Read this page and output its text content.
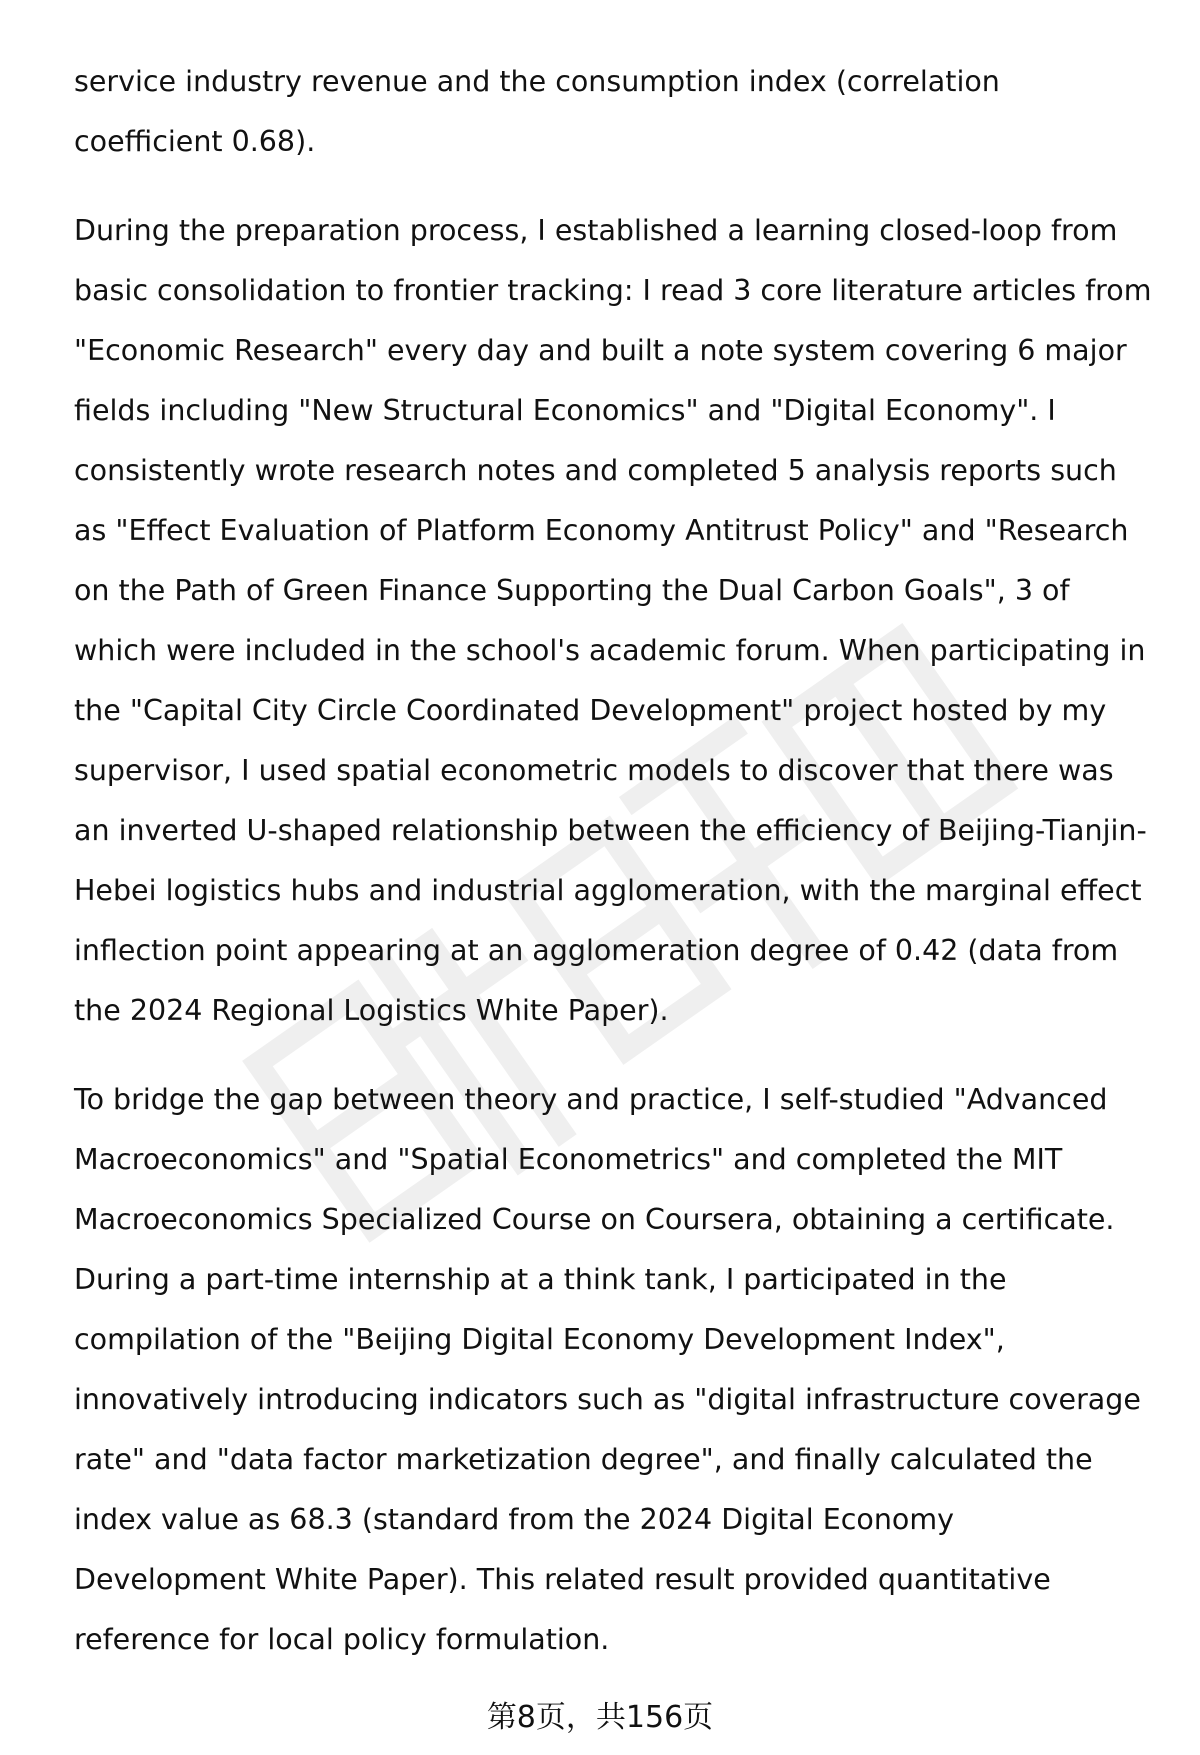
service industry revenue and the consumption index (correlation coefficient 0.68).

During the preparation process, I established a learning closed-loop from basic consolidation to frontier tracking: I read 3 core literature articles from "Economic Research" every day and built a note system covering 6 major fields including "New Structural Economics" and "Digital Economy". I consistently wrote research notes and completed 5 analysis reports such as "Effect Evaluation of Platform Economy Antitrust Policy" and "Research on the Path of Green Finance Supporting the Dual Carbon Goals", 3 of which were included in the school's academic forum. When participating in the "Capital City Circle Coordinated Development" project hosted by my supervisor, I used spatial econometric models to discover that there was an inverted U-shaped relationship between the efficiency of Beijing-Tianjin-Hebei logistics hubs and industrial agglomeration, with the marginal effect inflection point appearing at an agglomeration degree of 0.42 (data from the 2024 Regional Logistics White Paper).

To bridge the gap between theory and practice, I self-studied "Advanced Macroeconomics" and "Spatial Econometrics" and completed the MIT Macroeconomics Specialized Course on Coursera, obtaining a certificate. During a part-time internship at a think tank, I participated in the compilation of the "Beijing Digital Economy Development Index", innovatively introducing indicators such as "digital infrastructure coverage rate" and "data factor marketization degree", and finally calculated the index value as 68.3 (standard from the 2024 Digital Economy Development White Paper). This related result provided quantitative reference for local policy formulation.

第8页，共156页
